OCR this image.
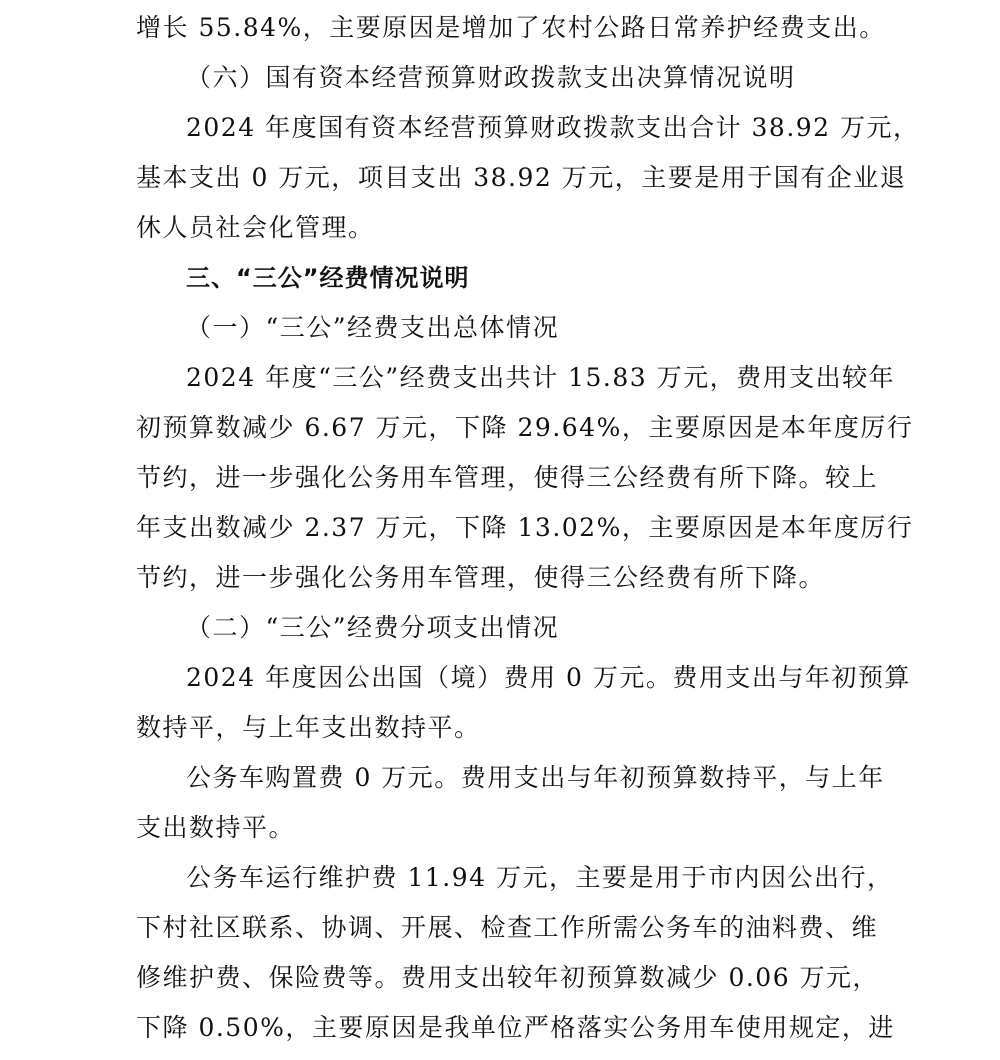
增长 55.84%，主要原因是增加了农村公路日常养护经费支出。
（六）国有资本经营预算财政拨款支出决算情况说明
2024 年度国有资本经营预算财政拨款支出合计 38.92 万元，
基本支出 0 万元，项目支出 38.92 万元，主要是用于国有企业退
休人员社会化管理。
三、“三公”经费情况说明
（一）“三公”经费支出总体情况
2024 年度“三公”经费支出共计 15.83 万元，费用支出较年
初预算数减少 6.67 万元，下降 29.64%，主要原因是本年度厉行
节约，进一步强化公务用车管理，使得三公经费有所下降。较上
年支出数减少 2.37 万元，下降 13.02%，主要原因是本年度厉行
节约，进一步强化公务用车管理，使得三公经费有所下降。
（二）“三公”经费分项支出情况
2024 年度因公出国（境）费用 0 万元。费用支出与年初预算
数持平，与上年支出数持平。
公务车购置费 0 万元。费用支出与年初预算数持平，与上年
支出数持平。
公务车运行维护费 11.94 万元，主要是用于市内因公出行，
下村社区联系、协调、开展、检查工作所需公务车的油料费、维
修维护费、保险费等。费用支出较年初预算数减少 0.06 万元，
下降 0.50%，主要原因是我单位严格落实公务用车使用规定，进
